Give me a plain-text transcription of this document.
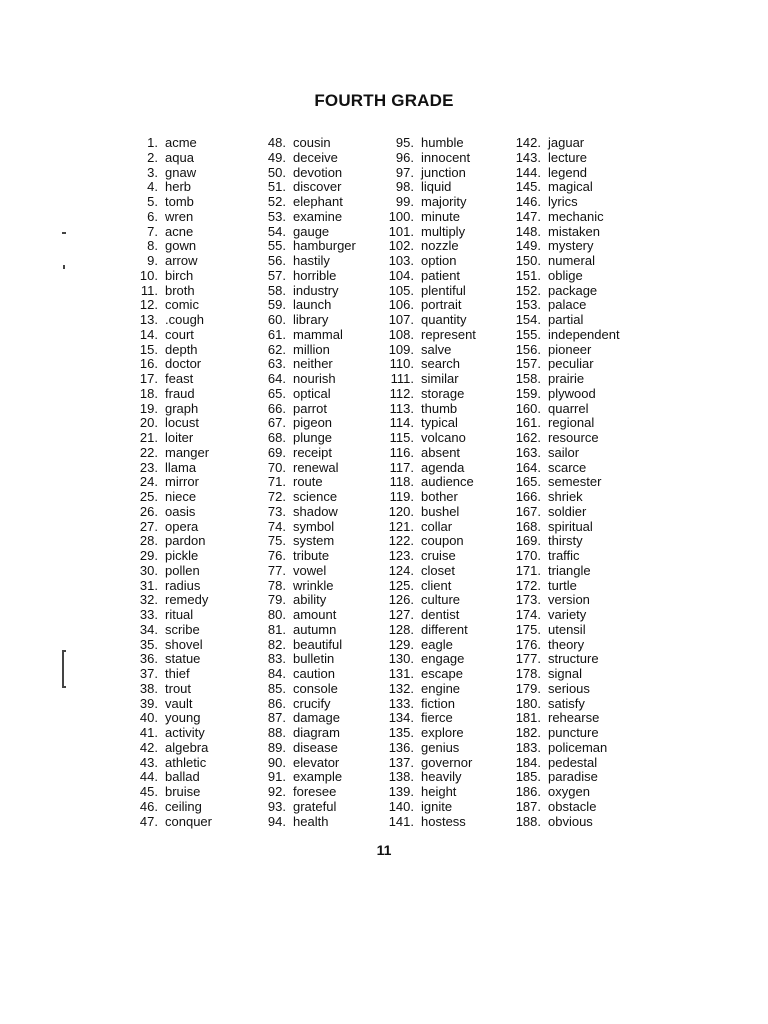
FOURTH GRADE
1. acme
2. aqua
3. gnaw
4. herb
5. tomb
6. wren
7. acne
8. gown
9. arrow
10. birch
11. broth
12. comic
13. .cough
14. court
15. depth
16. doctor
17. feast
18. fraud
19. graph
20. locust
21. loiter
22. manger
23. llama
24. mirror
25. niece
26. oasis
27. opera
28. pardon
29. pickle
30. pollen
31. radius
32. remedy
33. ritual
34. scribe
35. shovel
36. statue
37. thief
38. trout
39. vault
40. young
41. activity
42. algebra
43. athletic
44. ballad
45. bruise
46. ceiling
47. conquer
48. cousin
49. deceive
50. devotion
51. discover
52. elephant
53. examine
54. gauge
55. hamburger
56. hastily
57. horrible
58. industry
59. launch
60. library
61. mammal
62. million
63. neither
64. nourish
65. optical
66. parrot
67. pigeon
68. plunge
69. receipt
70. renewal
71. route
72. science
73. shadow
74. symbol
75. system
76. tribute
77. vowel
78. wrinkle
79. ability
80. amount
81. autumn
82. beautiful
83. bulletin
84. caution
85. console
86. crucify
87. damage
88. diagram
89. disease
90. elevator
91. example
92. foresee
93. grateful
94. health
95. humble
96. innocent
97. junction
98. liquid
99. majority
100. minute
101. multiply
102. nozzle
103. option
104. patient
105. plentiful
106. portrait
107. quantity
108. represent
109. salve
110. search
111. similar
112. storage
113. thumb
114. typical
115. volcano
116. absent
117. agenda
118. audience
119. bother
120. bushel
121. collar
122. coupon
123. cruise
124. closet
125. client
126. culture
127. dentist
128. different
129. eagle
130. engage
131. escape
132. engine
133. fiction
134. fierce
135. explore
136. genius
137. governor
138. heavily
139. height
140. ignite
141. hostess
142. jaguar
143. lecture
144. legend
145. magical
146. lyrics
147. mechanic
148. mistaken
149. mystery
150. numeral
151. oblige
152. package
153. palace
154. partial
155. independent
156. pioneer
157. peculiar
158. prairie
159. plywood
160. quarrel
161. regional
162. resource
163. sailor
164. scarce
165. semester
166. shriek
167. soldier
168. spiritual
169. thirsty
170. traffic
171. triangle
172. turtle
173. version
174. variety
175. utensil
176. theory
177. structure
178. signal
179. serious
180. satisfy
181. rehearse
182. puncture
183. policeman
184. pedestal
185. paradise
186. oxygen
187. obstacle
188. obvious
11
